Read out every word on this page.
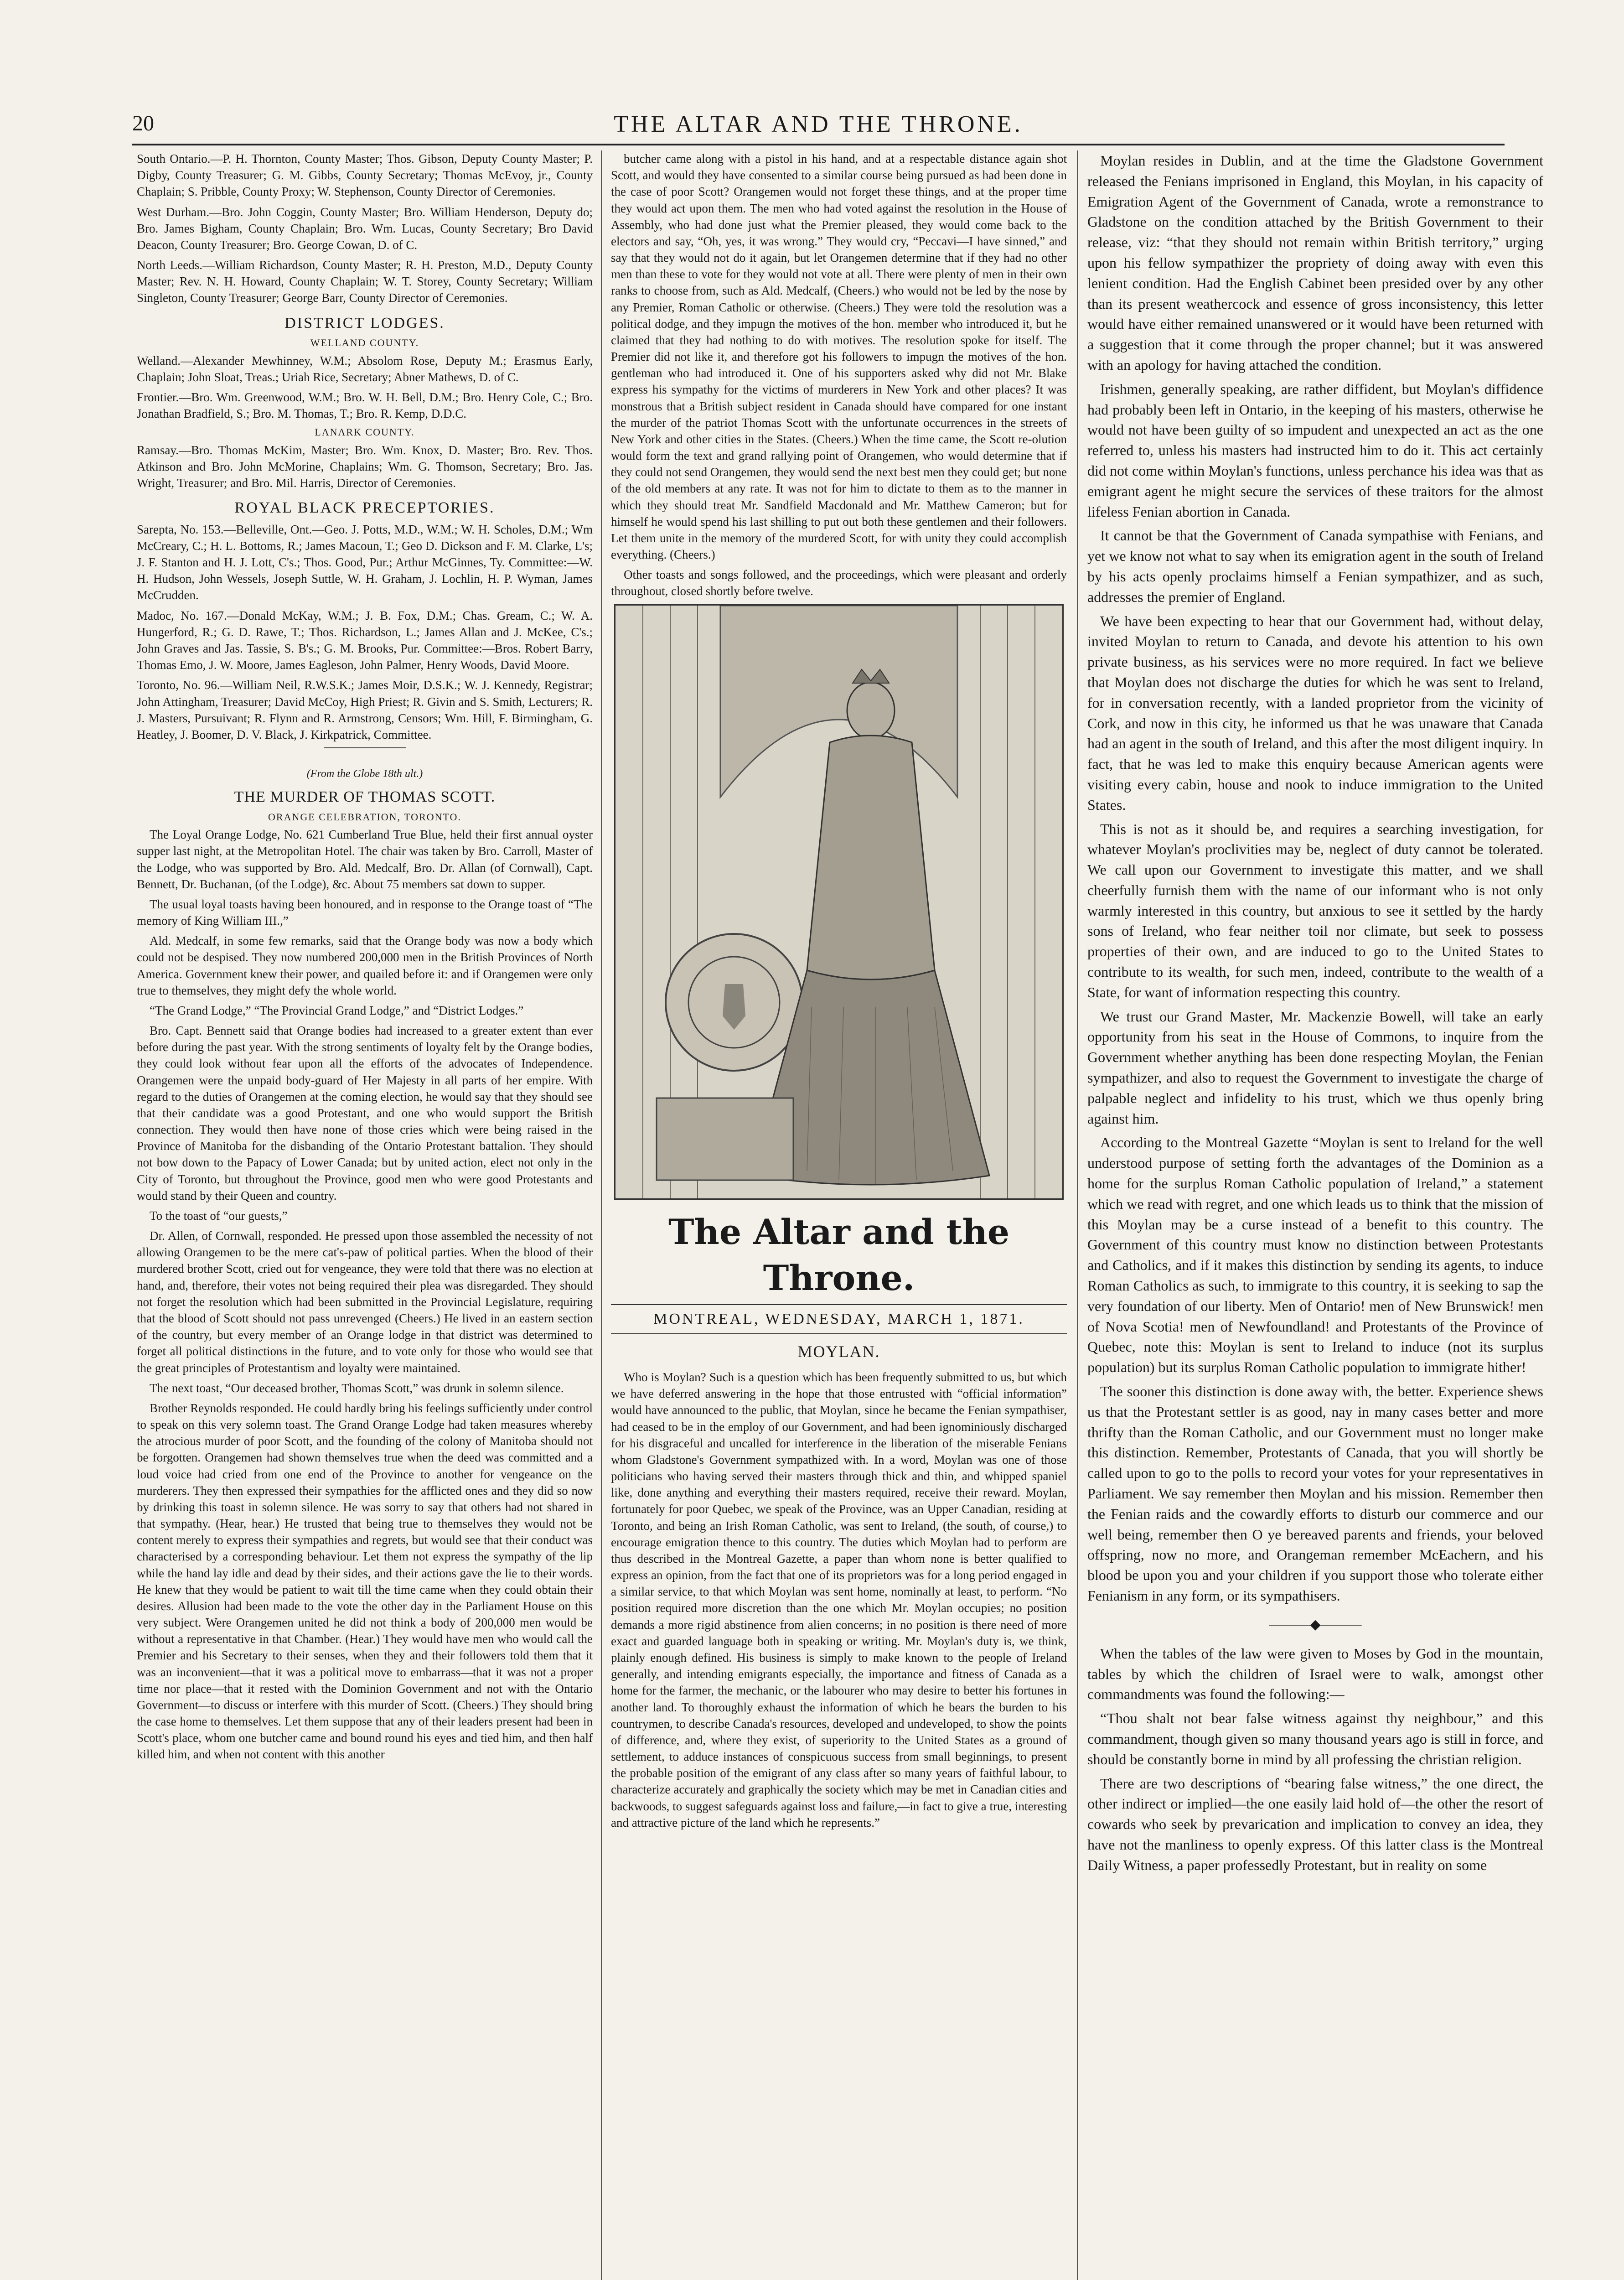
20	THE ALTAR AND THE THRONE.

South Ontario.—P. H. Thornton, County Master; Thos. Gibson, Deputy County Master; P. Digby, County Treasurer; G. M. Gibbs, County Secretary; Thomas McEvoy, jr., County Chaplain; S. Pribble, County Proxy; W. Stephenson, County Director of Ceremonies.

West Durham.—Bro. John Coggin, County Master; Bro. William Henderson, Deputy do; Bro. James Bigham, County Chaplain; Bro. Wm. Lucas, County Secretary; Bro David Deacon, County Treasurer; Bro. George Cowan, D. of C.

North Leeds.—William Richardson, County Master; R. H. Preston, M.D., Deputy County Master; Rev. N. H. Howard, County Chaplain; W. T. Storey, County Secretary; William Singleton, County Treasurer; George Barr, County Director of Ceremonies.

DISTRICT LODGES.
WELLAND COUNTY.

Welland.—Alexander Mewhinney, W.M.; Absolom Rose, Deputy M.; Erasmus Early, Chaplain; John Sloat, Treas.; Uriah Rice, Secretary; Abner Mathews, D. of C.

Frontier.—Bro. Wm. Greenwood, W.M.; Bro. W. H. Bell, D.M.; Bro. Henry Cole, C.; Bro. Jonathan Bradfield, S.; Bro. M. Thomas, T.; Bro. R. Kemp, D.D.C.

LANARK COUNTY.

Ramsay.—Bro. Thomas McKim, Master; Bro. Wm. Knox, D. Master; Bro. Rev. Thos. Atkinson and Bro. John McMorine, Chaplains; Wm. G. Thomson, Secretary; Bro. Jas. Wright, Treasurer; and Bro. Mil. Harris, Director of Ceremonies.

ROYAL BLACK PRECEPTORIES.

Sarepta, No. 153.—Belleville, Ont.—Geo. J. Potts, M.D., W.M.; W. H. Scholes, D.M.; Wm McCreary, C.; H. L. Bottoms, R.; James Macoun, T.; Geo D. Dickson and F. M. Clarke, L's; J. F. Stanton and H. J. Lott, C's.; Thos. Good, Pur.; Arthur McGinnes, Ty. Committee:—W. H. Hudson, John Wessels, Joseph Suttle, W. H. Graham, J. Lochlin, H. P. Wyman, James McCrudden.

Madoc, No. 167.—Donald McKay, W.M.; J. B. Fox, D.M.; Chas. Gream, C.; W. A. Hungerford, R.; G. D. Rawe, T.; Thos. Richardson, L.; James Allan and J. McKee, C's.; John Graves and Jas. Tassie, S. B's.; G. M. Brooks, Pur. Committee:—Bros. Robert Barry, Thomas Emo, J. W. Moore, James Eagleson, John Palmer, Henry Woods, David Moore.

Toronto, No. 96.—William Neil, R.W.S.K.; James Moir, D.S.K.; W. J. Kennedy, Registrar; John Attingham, Treasurer; David McCoy, High Priest; R. Givin and S. Smith, Lecturers; R. J. Masters, Pursuivant; R. Flynn and R. Armstrong, Censors; Wm. Hill, F. Birmingham, G. Heatley, J. Boomer, D. V. Black, J. Kirkpatrick, Committee.

(From the Globe 18th ult.)
THE MURDER OF THOMAS SCOTT.
ORANGE CELEBRATION, TORONTO.

The Loyal Orange Lodge, No. 621 Cumberland True Blue, held their first annual oyster supper last night, at the Metropolitan Hotel. The chair was taken by Bro. Carroll, Master of the Lodge, who was supported by Bro. Ald. Medcalf, Bro. Dr. Allan (of Cornwall), Capt. Bennett, Dr. Buchanan, (of the Lodge), &c. About 75 members sat down to supper.

The usual loyal toasts having been honoured, and in response to the Orange toast of “The memory of King William III.,”

Ald. Medcalf, in some few remarks, said that the Orange body was now a body which could not be despised. They now numbered 200,000 men in the British Provinces of North America. Government knew their power, and quailed before it: and if Orangemen were only true to themselves, they might defy the whole world.

“The Grand Lodge,” “The Provincial Grand Lodge,” and “District Lodges.”

Bro. Capt. Bennett said that Orange bodies had increased to a greater extent than ever before during the past year. With the strong sentiments of loyalty felt by the Orange bodies, they could look without fear upon all the efforts of the advocates of Independence. Orangemen were the unpaid body-guard of Her Majesty in all parts of her empire. With regard to the duties of Orangemen at the coming election, he would say that they should see that their candidate was a good Protestant, and one who would support the British connection. They would then have none of those cries which were being raised in the Province of Manitoba for the disbanding of the Ontario Protestant battalion. They should not bow down to the Papacy of Lower Canada; but by united action, elect not only in the City of Toronto, but throughout the Province, good men who were good Protestants and would stand by their Queen and country.

To the toast of “our guests,”

Dr. Allen, of Cornwall, responded. He pressed upon those assembled the necessity of not allowing Orangemen to be the mere cat's-paw of political parties. When the blood of their murdered brother Scott, cried out for vengeance, they were told that there was no election at hand, and, therefore, their votes not being required their plea was disregarded. They should not forget the resolution which had been submitted in the Provincial Legislature, requiring that the blood of Scott should not pass unrevenged (Cheers.) He lived in an eastern section of the country, but every member of an Orange lodge in that district was determined to forget all political distinctions in the future, and to vote only for those who would see that the great principles of Protestantism and loyalty were maintained.

The next toast, “Our deceased brother, Thomas Scott,” was drunk in solemn silence.

Brother Reynolds responded. He could hardly bring his feelings sufficiently under control to speak on this very solemn toast. The Grand Orange Lodge had taken measures whereby the atrocious murder of poor Scott, and the founding of the colony of Manitoba should not be forgotten. Orangemen had shown themselves true when the deed was committed and a loud voice had cried from one end of the Province to another for vengeance on the murderers. They then expressed their sympathies for the afflicted ones and they did so now by drinking this toast in solemn silence. He was sorry to say that others had not shared in that sympathy. (Hear, hear.) He trusted that being true to themselves they would not be content merely to express their sympathies and regrets, but would see that their conduct was characterised by a corresponding behaviour. Let them not express the sympathy of the lip while the hand lay idle and dead by their sides, and their actions gave the lie to their words. He knew that they would be patient to wait till the time came when they could obtain their desires. Allusion had been made to the vote the other day in the Parliament House on this very subject. Were Orangemen united he did not think a body of 200,000 men would be without a representative in that Chamber. (Hear.) They would have men who would call the Premier and his Secretary to their senses, when they and their followers told them that it was an inconvenient—that it was a political move to embarrass—that it was not a proper time nor place—that it rested with the Dominion Government and not with the Ontario Government—to discuss or interfere with this murder of Scott. (Cheers.) They should bring the case home to themselves. Let them suppose that any of their leaders present had been in Scott's place, whom one butcher came and bound round his eyes and tied him, and then half killed him, and when not content with this another

butcher came along with a pistol in his hand, and at a respectable distance again shot Scott, and would they have consented to a similar course being pursued as had been done in the case of poor Scott? Orangemen would not forget these things, and at the proper time they would act upon them. The men who had voted against the resolution in the House of Assembly, who had done just what the Premier pleased, they would come back to the electors and say, “Oh, yes, it was wrong.” They would cry, “Peccavi—I have sinned,” and say that they would not do it again, but let Orangemen determine that if they had no other men than these to vote for they would not vote at all. There were plenty of men in their own ranks to choose from, such as Ald. Medcalf, (Cheers.) who would not be led by the nose by any Premier, Roman Catholic or otherwise. (Cheers.) They were told the resolution was a political dodge, and they impugn the motives of the hon. member who introduced it, but he claimed that they had nothing to do with motives. The resolution spoke for itself. The Premier did not like it, and therefore got his followers to impugn the motives of the hon. gentleman who had introduced it. One of his supporters asked why did not Mr. Blake express his sympathy for the victims of murderers in New York and other places? It was monstrous that a British subject resident in Canada should have compared for one instant the murder of the patriot Thomas Scott with the unfortunate occurrences in the streets of New York and other cities in the States. (Cheers.) When the time came, the Scott re-olution would form the text and grand rallying point of Orangemen, who would determine that if they could not send Orangemen, they would send the next best men they could get; but none of the old members at any rate. It was not for him to dictate to them as to the manner in which they should treat Mr. Sandfield Macdonald and Mr. Matthew Cameron; but for himself he would spend his last shilling to put out both these gentlemen and their followers. Let them unite in the memory of the murdered Scott, for with unity they could accomplish everything. (Cheers.)

Other toasts and songs followed, and the proceedings, which were pleasant and orderly throughout, closed shortly before twelve.

The Altar and the Throne.
MONTREAL, WEDNESDAY, MARCH 1, 1871.
MOYLAN.

Who is Moylan? Such is a question which has been frequently submitted to us, but which we have deferred answering in the hope that those entrusted with “official information” would have announced to the public, that Moylan, since he became the Fenian sympathiser, had ceased to be in the employ of our Government, and had been ignominiously discharged for his disgraceful and uncalled for interference in the liberation of the miserable Fenians whom Gladstone's Government sympathized with. In a word, Moylan was one of those politicians who having served their masters through thick and thin, and whipped spaniel like, done anything and everything their masters required, receive their reward. Moylan, fortunately for poor Quebec, we speak of the Province, was an Upper Canadian, residing at Toronto, and being an Irish Roman Catholic, was sent to Ireland, (the south, of course,) to encourage emigration thence to this country. The duties which Moylan had to perform are thus described in the Montreal Gazette, a paper than whom none is better qualified to express an opinion, from the fact that one of its proprietors was for a long period engaged in a similar service, to that which Moylan was sent home, nominally at least, to perform. “No position required more discretion than the one which Mr. Moylan occupies; no position demands a more rigid abstinence from alien concerns; in no position is there need of more exact and guarded language both in speaking or writing. Mr. Moylan's duty is, we think, plainly enough defined. His business is simply to make known to the people of Ireland generally, and intending emigrants especially, the importance and fitness of Canada as a home for the farmer, the mechanic, or the labourer who may desire to better his fortunes in another land. To thoroughly exhaust the information of which he bears the burden to his countrymen, to describe Canada's resources, developed and undeveloped, to show the points of difference, and, where they exist, of superiority to the United States as a ground of settlement, to adduce instances of conspicuous success from small beginnings, to present the probable position of the emigrant of any class after so many years of faithful labour, to characterize accurately and graphically the society which may be met in Canadian cities and backwoods, to suggest safeguards against loss and failure,—in fact to give a true, interesting and attractive picture of the land which he represents.”

Moylan resides in Dublin, and at the time the Gladstone Government released the Fenians imprisoned in England, this Moylan, in his capacity of Emigration Agent of the Government of Canada, wrote a remonstrance to Gladstone on the condition attached by the British Government to their release, viz: “that they should not remain within British territory,” urging upon his fellow sympathizer the propriety of doing away with even this lenient condition. Had the English Cabinet been presided over by any other than its present weathercock and essence of gross inconsistency, this letter would have either remained unanswered or it would have been returned with a suggestion that it come through the proper channel; but it was answered with an apology for having attached the condition.

Irishmen, generally speaking, are rather diffident, but Moylan's diffidence had probably been left in Ontario, in the keeping of his masters, otherwise he would not have been guilty of so impudent and unexpected an act as the one referred to, unless his masters had instructed him to do it. This act certainly did not come within Moylan's functions, unless perchance his idea was that as emigrant agent he might secure the services of these traitors for the almost lifeless Fenian abortion in Canada.

It cannot be that the Government of Canada sympathise with Fenians, and yet we know not what to say when its emigration agent in the south of Ireland by his acts openly proclaims himself a Fenian sympathizer, and as such, addresses the premier of England.

We have been expecting to hear that our Government had, without delay, invited Moylan to return to Canada, and devote his attention to his own private business, as his services were no more required. In fact we believe that Moylan does not discharge the duties for which he was sent to Ireland, for in conversation recently, with a landed proprietor from the vicinity of Cork, and now in this city, he informed us that he was unaware that Canada had an agent in the south of Ireland, and this after the most diligent inquiry. In fact, that he was led to make this enquiry because American agents were visiting every cabin, house and nook to induce immigration to the United States.

This is not as it should be, and requires a searching investigation, for whatever Moylan's proclivities may be, neglect of duty cannot be tolerated. We call upon our Government to investigate this matter, and we shall cheerfully furnish them with the name of our informant who is not only warmly interested in this country, but anxious to see it settled by the hardy sons of Ireland, who fear neither toil nor climate, but seek to possess properties of their own, and are induced to go to the United States to contribute to its wealth, for such men, indeed, contribute to the wealth of a State, for want of information respecting this country.

We trust our Grand Master, Mr. Mackenzie Bowell, will take an early opportunity from his seat in the House of Commons, to inquire from the Government whether anything has been done respecting Moylan, the Fenian sympathizer, and also to request the Government to investigate the charge of palpable neglect and infidelity to his trust, which we thus openly bring against him.

According to the Montreal Gazette “Moylan is sent to Ireland for the well understood purpose of setting forth the advantages of the Dominion as a home for the surplus Roman Catholic population of Ireland,” a statement which we read with regret, and one which leads us to think that the mission of this Moylan may be a curse instead of a benefit to this country. The Government of this country must know no distinction between Protestants and Catholics, and if it makes this distinction by sending its agents, to induce Roman Catholics as such, to immigrate to this country, it is seeking to sap the very foundation of our liberty. Men of Ontario! men of New Brunswick! men of Nova Scotia! men of Newfoundland! and Protestants of the Province of Quebec, note this: Moylan is sent to Ireland to induce (not its surplus population) but its surplus Roman Catholic population to immigrate hither!

The sooner this distinction is done away with, the better. Experience shews us that the Protestant settler is as good, nay in many cases better and more thrifty than the Roman Catholic, and our Government must no longer make this distinction. Remember, Protestants of Canada, that you will shortly be called upon to go to the polls to record your votes for your representatives in Parliament. We say remember then Moylan and his mission. Remember then the Fenian raids and the cowardly efforts to disturb our commerce and our well being, remember then O ye bereaved parents and friends, your beloved offspring, now no more, and Orangeman remember McEachern, and his blood be upon you and your children if you support those who tolerate either Fenianism in any form, or its sympathisers.

———◆———

When the tables of the law were given to Moses by God in the mountain, tables by which the children of Israel were to walk, amongst other commandments was found the following:—

“Thou shalt not bear false witness against thy neighbour,” and this commandment, though given so many thousand years ago is still in force, and should be constantly borne in mind by all professing the christian religion.

There are two descriptions of “bearing false witness,” the one direct, the other indirect or implied—the one easily laid hold of—the other the resort of cowards who seek by prevarication and implication to convey an idea, they have not the manliness to openly express. Of this latter class is the Montreal Daily Witness, a paper professedly Protestant, but in reality on some
